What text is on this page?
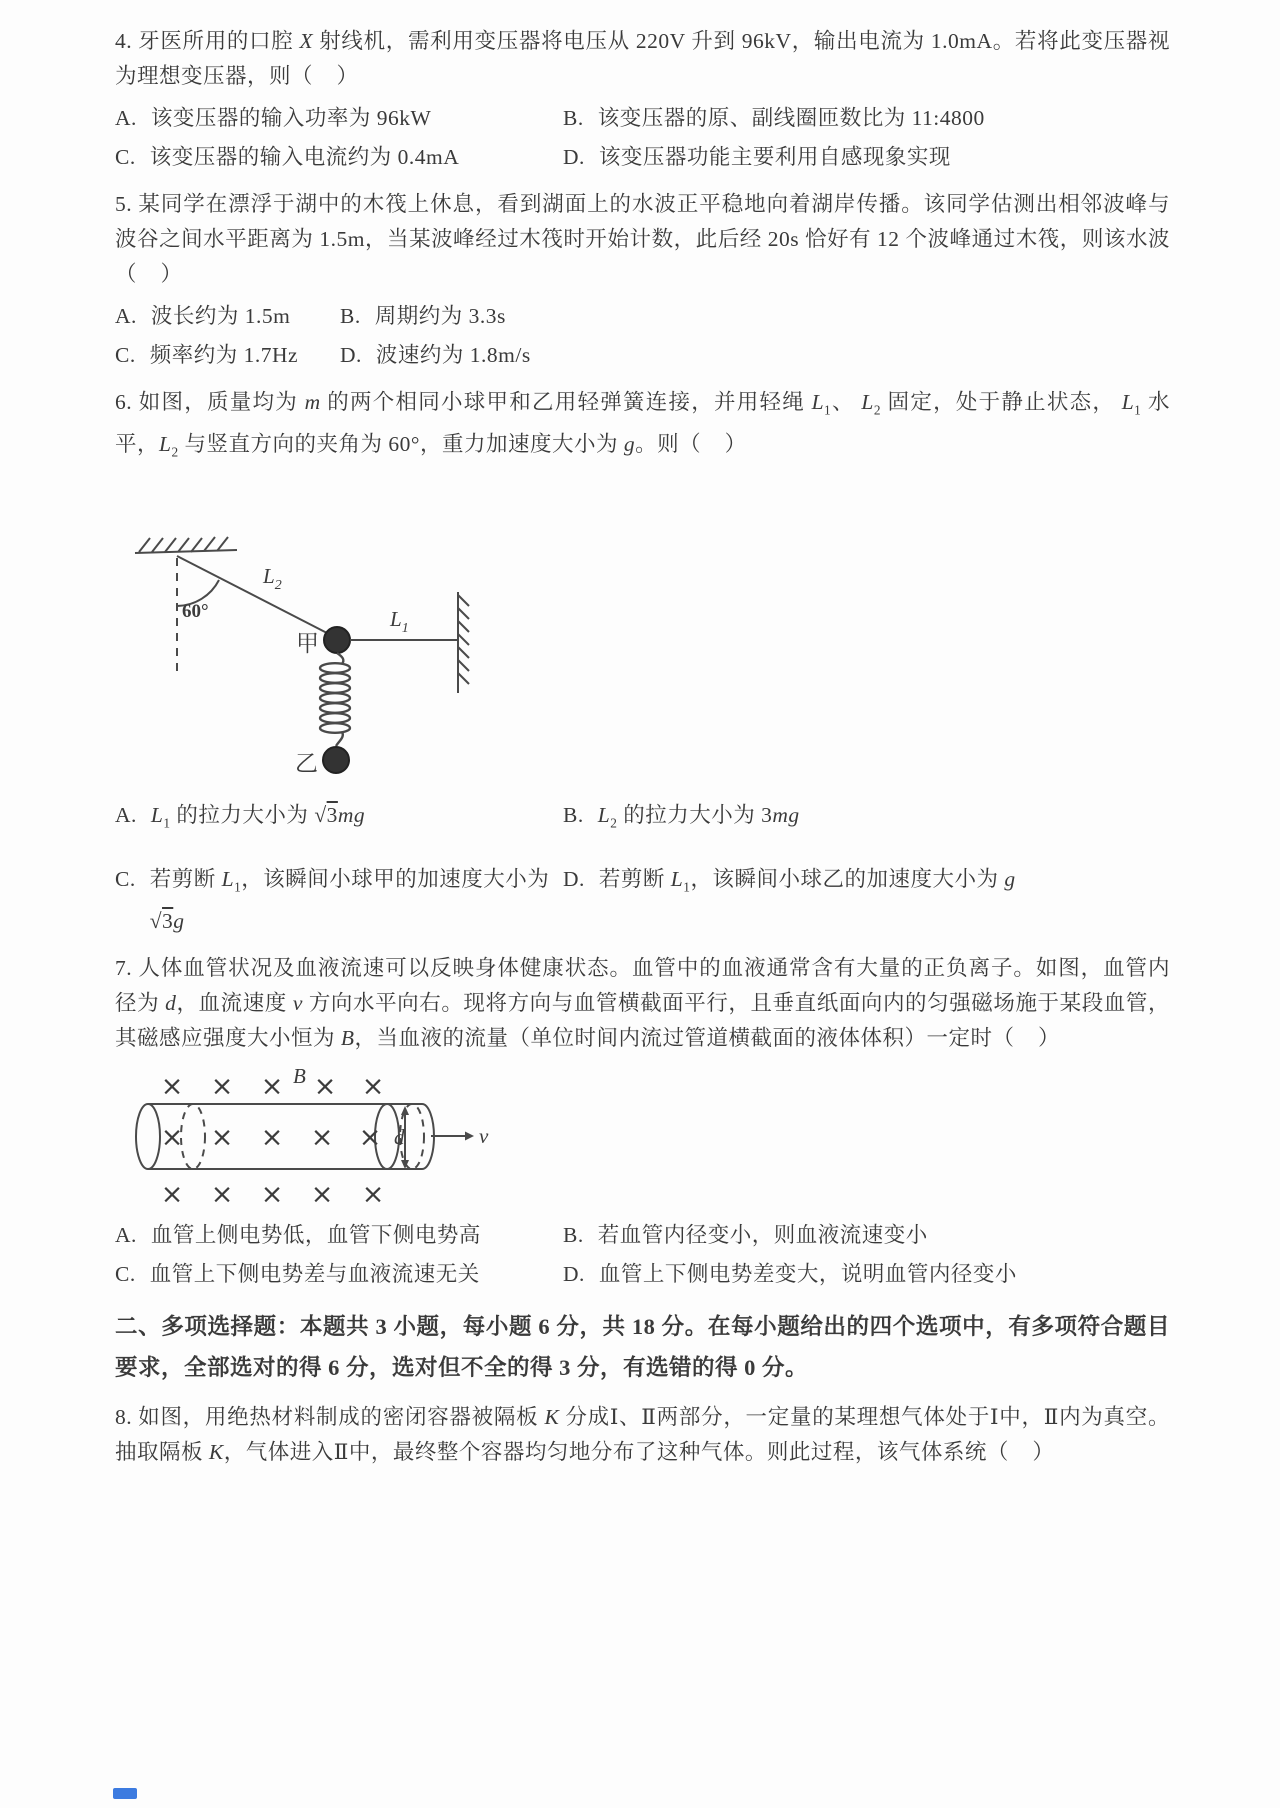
4. 牙医所用的口腔 X 射线机，需利用变压器将电压从 220V 升到 96kV，输出电流为 1.0mA。若将此变压器视为理想变压器，则（    ）

A. 该变压器的输入功率为 96kW	B. 该变压器的原、副线圈匝数比为 11:4800
C. 该变压器的输入电流约为 0.4mA	D. 该变压器功能主要利用自感现象实现

5. 某同学在漂浮于湖中的木筏上休息，看到湖面上的水波正平稳地向着湖岸传播。该同学估测出相邻波峰与波谷之间水平距离为 1.5m，当某波峰经过木筏时开始计数，此后经 20s 恰好有 12 个波峰通过木筏，则该水波（    ）

A. 波长约为 1.5m B. 周期约为 3.3s
C. 频率约为 1.7Hz D. 波速约为 1.8m/s

6. 如图，质量均为 m 的两个相同小球甲和乙用轻弹簧连接，并用轻绳 $L_1$、 $L_2$ 固定，处于静止状态， $L_1$ 水平，$L_2$ 与竖直方向的夹角为 60°，重力加速度大小为 g。则（    ）

60°
$L_2$
甲
$L_1$
乙
A. $L_1$ 的拉力大小为 √3mg	B. $L_2$ 的拉力大小为 3mg
C. 若剪断 $L_1$，该瞬间小球甲的加速度大小为 √3g
D. 若剪断 $L_1$，该瞬间小球乙的加速度大小为 g

7. 人体血管状况及血液流速可以反映身体健康状态。血管中的血液通常含有大量的正负离子。如图，血管内径为 d，血流速度 v 方向水平向右。现将方向与血管横截面平行，且垂直纸面向内的匀强磁场施于某段血管，其磁感应强度大小恒为 B，当血液的流量（单位时间内流过管道横截面的液体体积）一定时（    ）

× × × × ×
B
× × × × × d	v
× × × × ×
A. 血管上侧电势低，血管下侧电势高	B. 若血管内径变小，则血液流速变小
C. 血管上下侧电势差与血液流速无关	D. 血管上下侧电势差变大，说明血管内径变小

二、多项选择题：本题共 3 小题，每小题 6 分，共 18 分。在每小题给出的四个选项中，有多项符合题目要求，全部选对的得 6 分，选对但不全的得 3 分，有选错的得 0 分。

8. 如图，用绝热材料制成的密闭容器被隔板 K 分成Ⅰ、Ⅱ两部分，一定量的某理想气体处于Ⅰ中，Ⅱ内为真空。抽取隔板 K，气体进入Ⅱ中，最终整个容器均匀地分布了这种气体。则此过程，该气体系统（    ）
